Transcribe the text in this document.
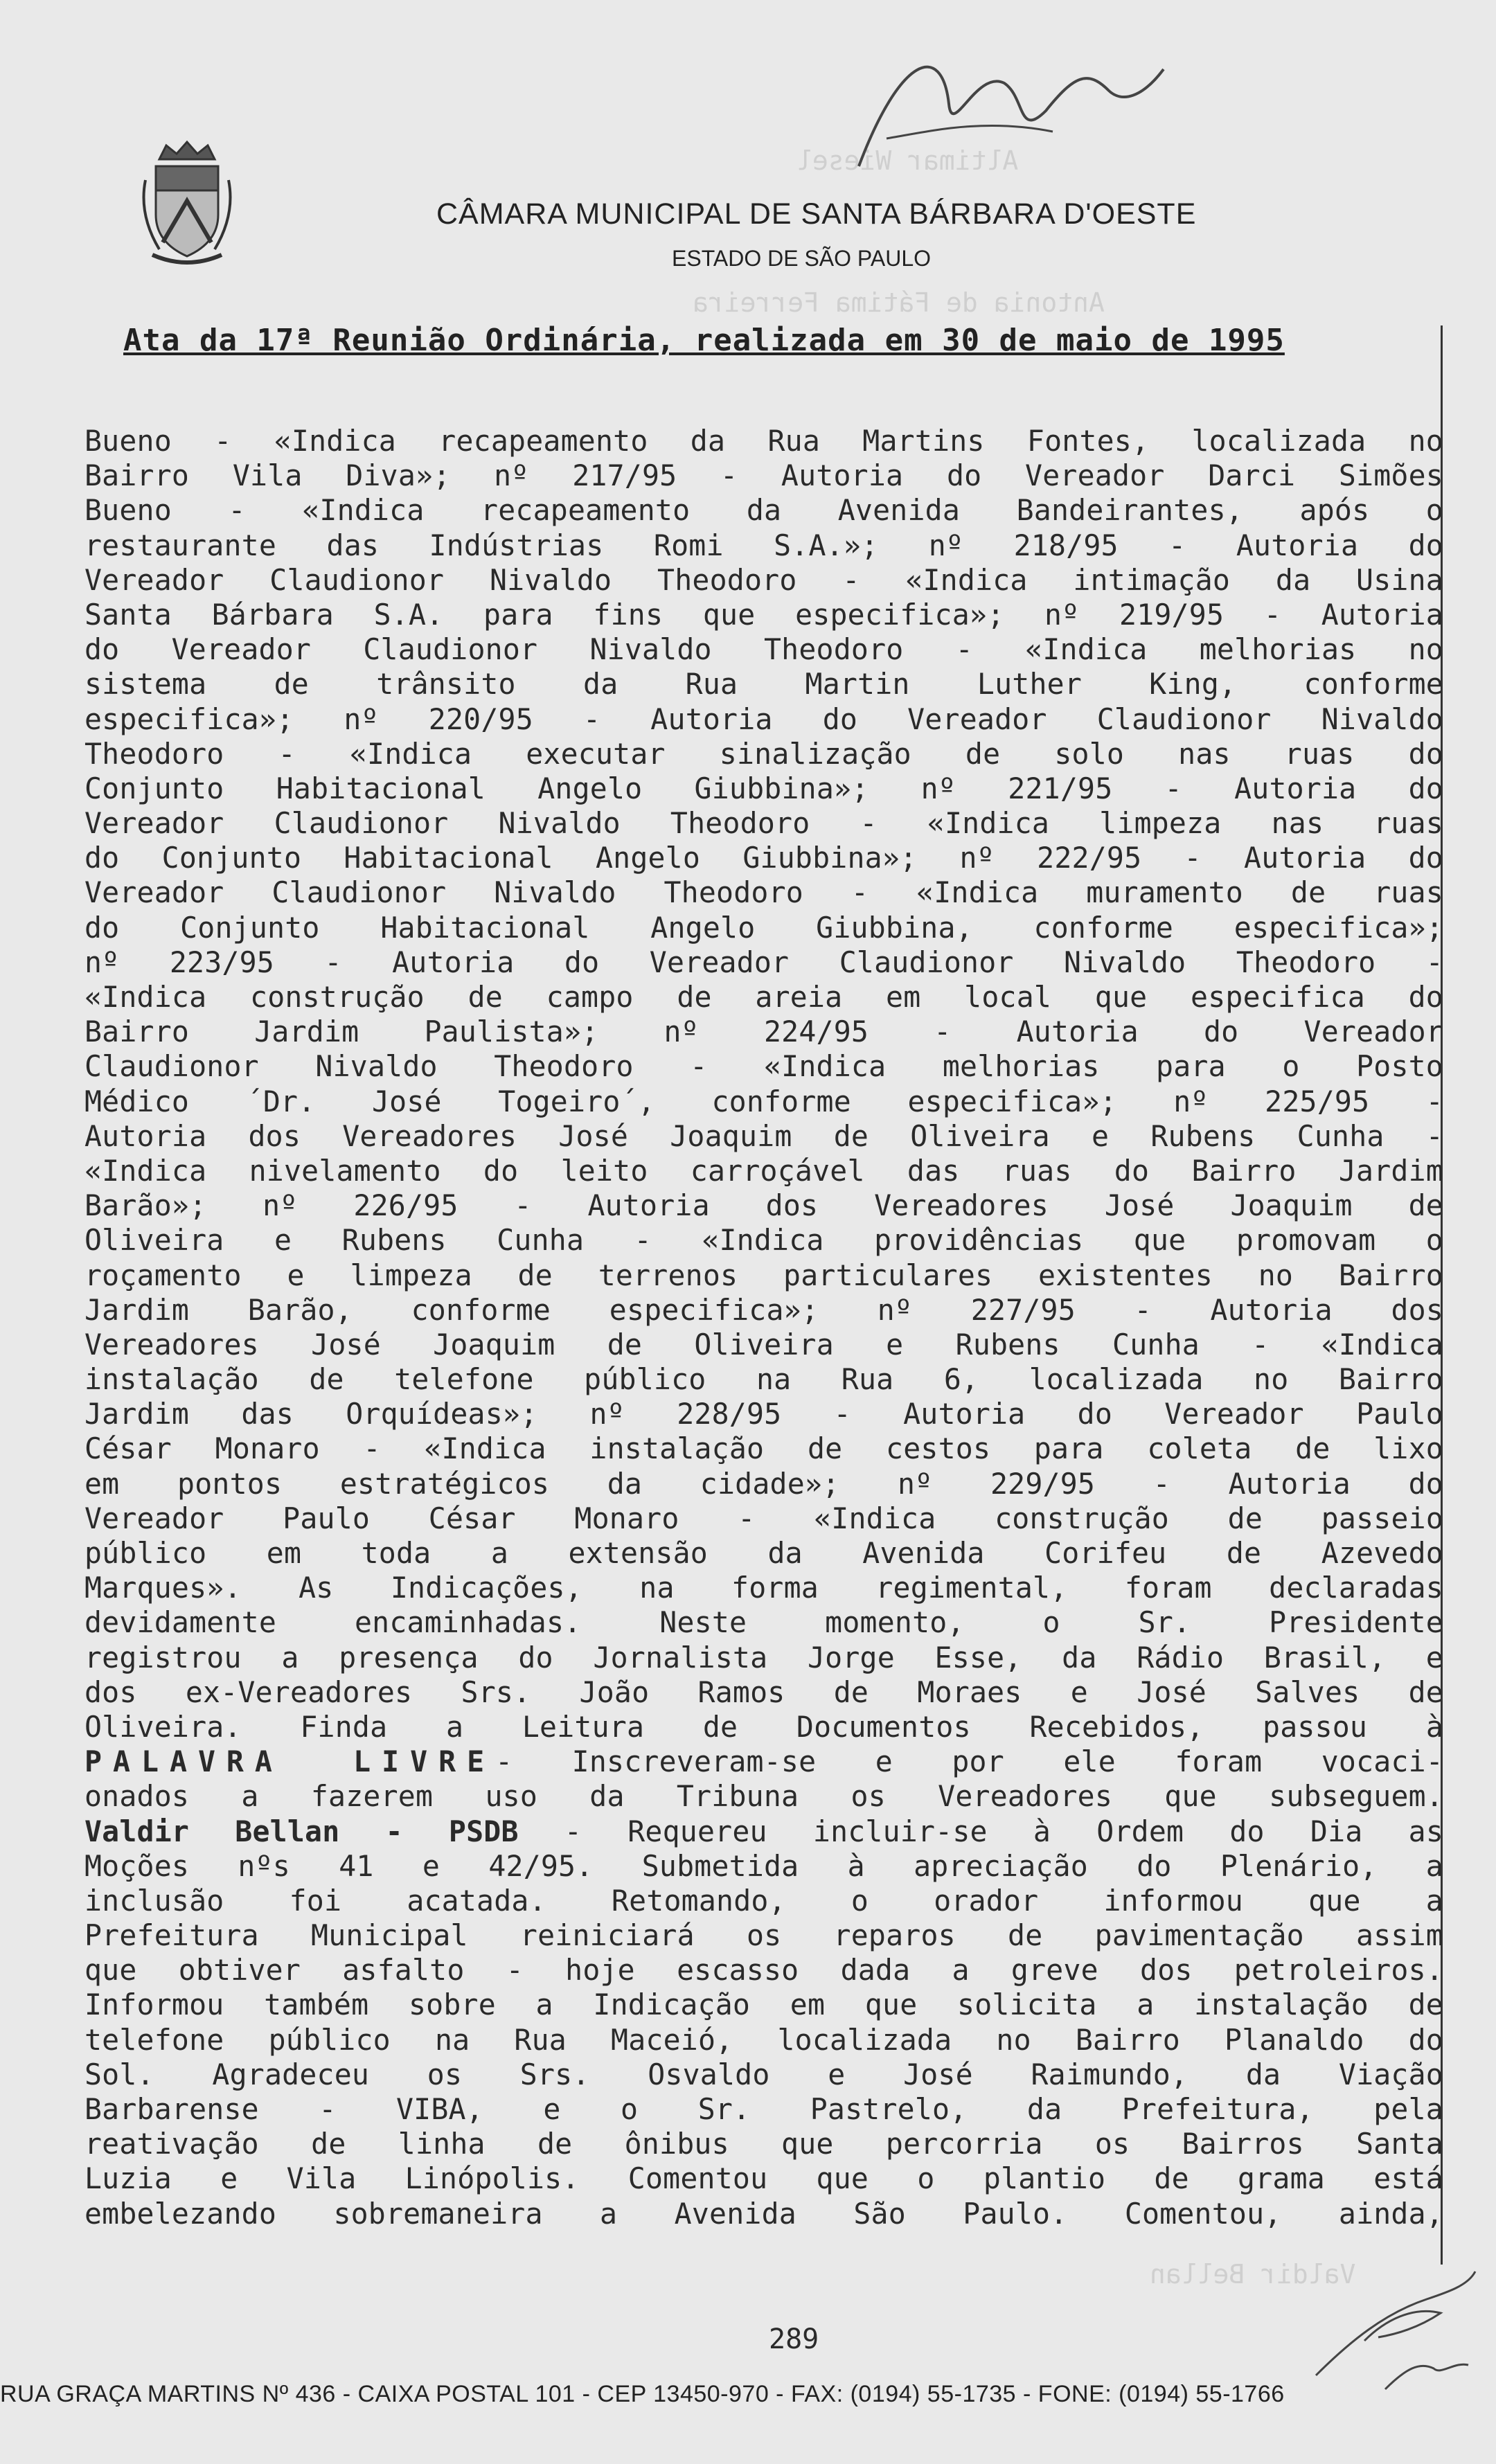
Altimar Wiesel
Antonia de Fátima Ferreira
Valdir Bellan
CÂMARA MUNICIPAL DE SANTA BÁRBARA D'OESTE
ESTADO DE SÃO PAULO
Ata da 17ª Reunião Ordinária, realizada em 30 de maio de 1995
Bueno - «Indica recapeamento da Rua Martins Fontes, localizada no
Bairro Vila Diva»; nº 217/95 - Autoria do Vereador Darci Simões
Bueno - «Indica recapeamento da Avenida Bandeirantes, após o
restaurante das Indústrias Romi S.A.»; nº 218/95 - Autoria do
Vereador Claudionor Nivaldo Theodoro - «Indica intimação da Usina
Santa Bárbara S.A. para fins que especifica»; nº 219/95 - Autoria
do Vereador Claudionor Nivaldo Theodoro - «Indica melhorias no
sistema de trânsito da Rua Martin Luther King, conforme
especifica»; nº 220/95 - Autoria do Vereador Claudionor Nivaldo
Theodoro - «Indica executar sinalização de solo nas ruas do
Conjunto Habitacional Angelo Giubbina»; nº 221/95 - Autoria do
Vereador Claudionor Nivaldo Theodoro - «Indica limpeza nas ruas
do Conjunto Habitacional Angelo Giubbina»; nº 222/95 - Autoria do
Vereador Claudionor Nivaldo Theodoro - «Indica muramento de ruas
do Conjunto Habitacional Angelo Giubbina, conforme especifica»;
nº 223/95 - Autoria do Vereador Claudionor Nivaldo Theodoro -
«Indica construção de campo de areia em local que especifica do
Bairro Jardim Paulista»; nº 224/95 - Autoria do Vereador
Claudionor Nivaldo Theodoro - «Indica melhorias para o Posto
Médico ´Dr. José Togeiro´, conforme especifica»; nº 225/95 -
Autoria dos Vereadores José Joaquim de Oliveira e Rubens Cunha -
«Indica nivelamento do leito carroçável das ruas do Bairro Jardim
Barão»; nº 226/95 - Autoria dos Vereadores José Joaquim de
Oliveira e Rubens Cunha - «Indica providências que promovam o
roçamento e limpeza de terrenos particulares existentes no Bairro
Jardim Barão, conforme especifica»; nº 227/95 - Autoria dos
Vereadores José Joaquim de Oliveira e Rubens Cunha - «Indica
instalação de telefone público na Rua 6, localizada no Bairro
Jardim das Orquídeas»; nº 228/95 - Autoria do Vereador Paulo
César Monaro - «Indica instalação de cestos para coleta de lixo
em pontos estratégicos da cidade»; nº 229/95 - Autoria do
Vereador Paulo César Monaro - «Indica construção de passeio
público em toda a extensão da Avenida Corifeu de Azevedo
Marques». As Indicações, na forma regimental, foram declaradas
devidamente encaminhadas. Neste momento, o Sr. Presidente
registrou a presença do Jornalista Jorge Esse, da Rádio Brasil, e
dos ex-Vereadores Srs. João Ramos de Moraes e José Salves de
Oliveira. Finda a Leitura de Documentos Recebidos, passou à
PALAVRA LIVRE- Inscreveram-se e por ele foram vocaci-
onados a fazerem uso da Tribuna os Vereadores que subseguem.
Valdir Bellan - PSDB - Requereu incluir-se à Ordem do Dia as
Moções nºs 41 e 42/95. Submetida à apreciação do Plenário, a
inclusão foi acatada. Retomando, o orador informou que a
Prefeitura Municipal reiniciará os reparos de pavimentação assim
que obtiver asfalto - hoje escasso dada a greve dos petroleiros.
Informou também sobre a Indicação em que solicita a instalação de
telefone público na Rua Maceió, localizada no Bairro Planaldo do
Sol. Agradeceu os Srs. Osvaldo e José Raimundo, da Viação
Barbarense - VIBA, e o Sr. Pastrelo, da Prefeitura, pela
reativação de linha de ônibus que percorria os Bairros Santa
Luzia e Vila Linópolis. Comentou que o plantio de grama está
embelezando sobremaneira a Avenida São Paulo. Comentou, ainda,
289
RUA GRAÇA MARTINS Nº 436 - CAIXA POSTAL 101 - CEP 13450-970 - FAX: (0194) 55-1735 - FONE: (0194) 55-1766
